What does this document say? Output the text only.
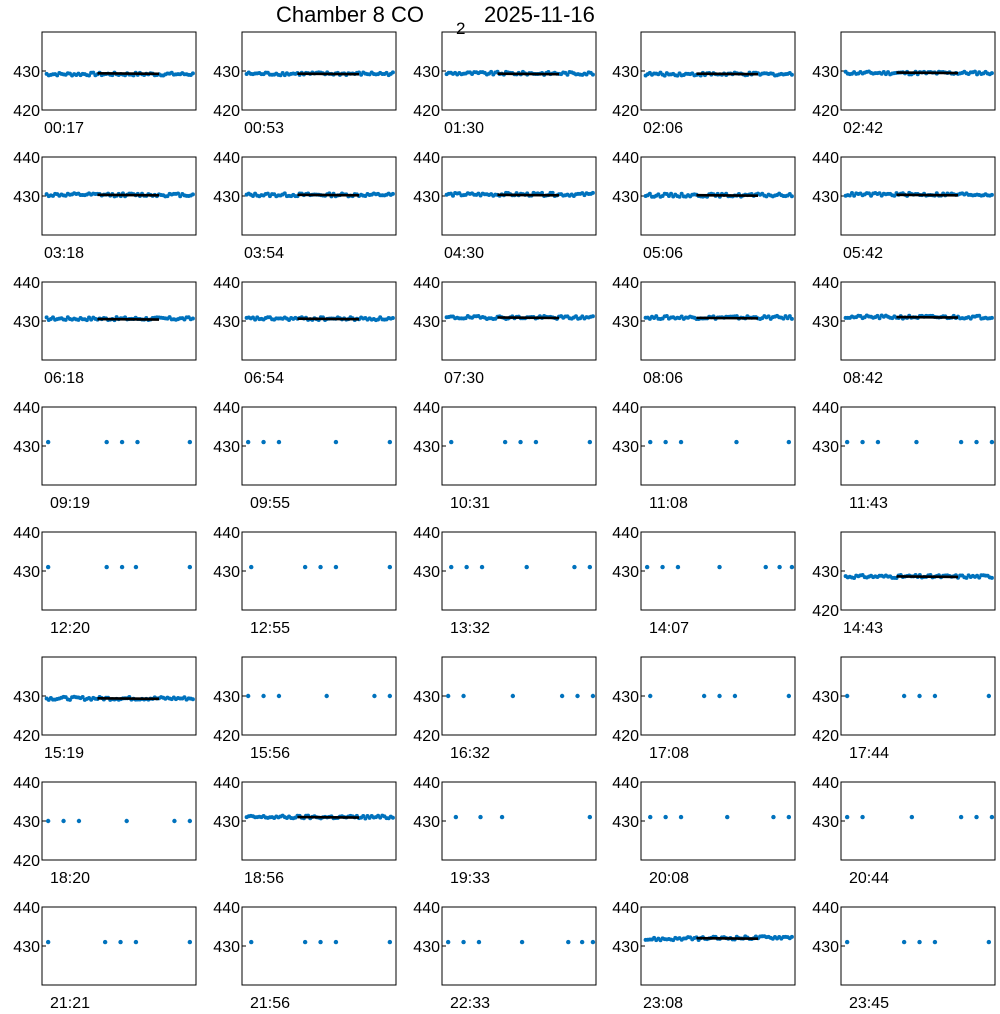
Chamber 8 CO
2
2025-11-16
420
430
00:17
420
430
00:53
420
430
01:30
420
430
02:06
420
430
02:42
430
440
03:18
430
440
03:54
430
440
04:30
430
440
05:06
430
440
05:42
430
440
06:18
430
440
06:54
430
440
07:30
430
440
08:06
430
440
08:42
430
440
09:19
430
440
09:55
430
440
10:31
430
440
11:08
430
440
11:43
430
440
12:20
430
440
12:55
430
440
13:32
430
440
14:07
420
430
14:43
420
430
15:19
420
430
15:56
420
430
16:32
420
430
17:08
420
430
17:44
420
430
440
18:20
430
440
18:56
430
440
19:33
430
440
20:08
430
440
20:44
430
440
21:21
430
440
21:56
430
440
22:33
430
440
23:08
430
440
23:45
